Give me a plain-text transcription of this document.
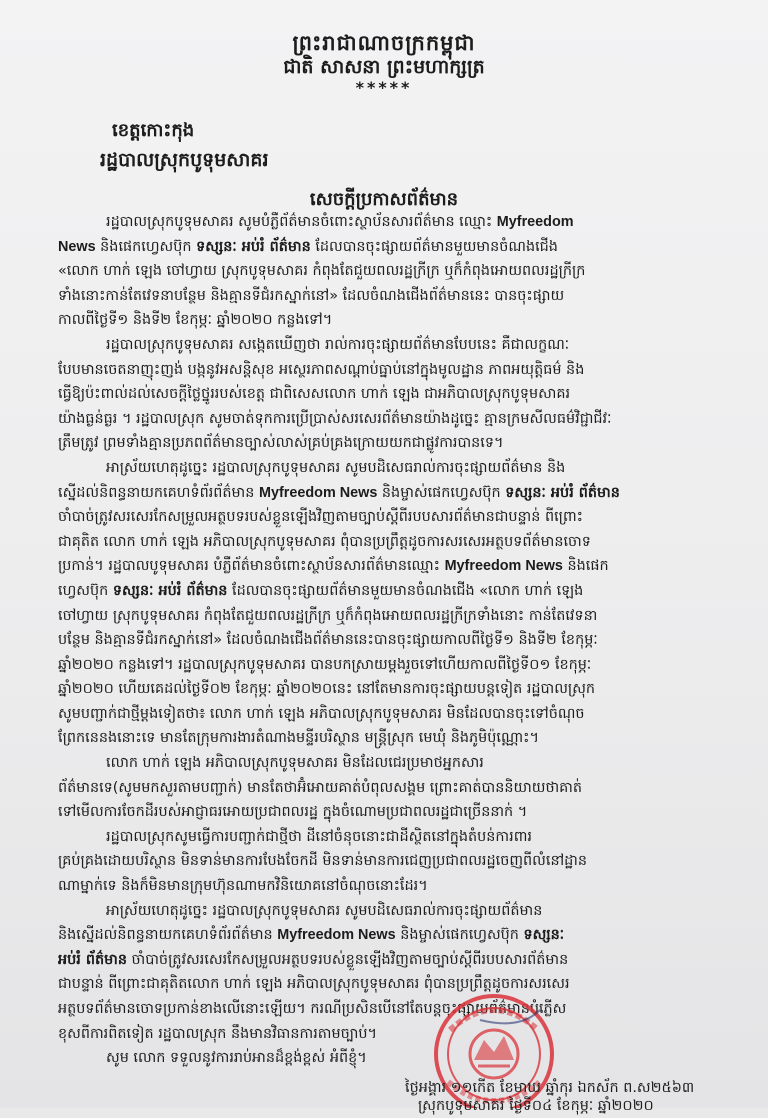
ព្រះរាជាណាចក្រកម្ពុជា
ជាតិ សាសនា ព្រះមហាក្សត្រ
*****
ខេត្តកោះកុង
រដ្ឋបាលស្រុកបូទុមសាគរ
សេចក្តីប្រកាសព័ត៌មាន
រដ្ឋបាលស្រុកបូទុមសាគរ សូមបំភ្លឺព័ត៌មានចំពោះស្ថាប័នសារព័ត៌មាន ឈ្មោះ Myfreedom
News និងផេកហ្វេសប៊ុក ទស្សនៈ អប់រំ ព័ត៌មាន ដែលបានចុះផ្សាយព័ត៌មានមួយមានចំណងជើង
«លោក ហាក់ ឡេង ចៅហ្វាយ ស្រុកបូទុមសាគរ កំពុងតែជួយពលរដ្ឋក្រីក្រ ឬក៏កំពុងអោយពលរដ្ឋក្រីក្រ
ទាំងនោះកាន់តែវេទនាបន្ថែម និងគ្មានទីជំរកស្នាក់នៅ» ដែលចំណងជើងព័ត៌មាននេះ បានចុះផ្សាយ
កាលពីថ្ងៃទី១ និងទី២ ខែកុម្ភៈ ឆ្នាំ២០២០ កន្លងទៅ។
រដ្ឋបាលស្រុកបូទុមសាគរ សង្កេតឃើញថា រាល់ការចុះផ្សាយព័ត៌មានបែបនេះ គឺជាលក្ខណៈ
បែបមានចេតនាញុះញង់ បង្កនូវអសន្តិសុខ អស្ថេរភាពសណ្តាប់ធ្នាប់នៅក្នុងមូលដ្ឋាន ភាពអយុត្តិធម៌ និង
ធ្វើឱ្យប៉ះពាល់ដល់សេចក្តីថ្លៃថ្នូររបស់ខេត្ត ជាពិសេសលោក ហាក់ ឡេង ជាអភិបាលស្រុកបូទុមសាគរ
យ៉ាងធ្ងន់ធ្ងរ ។ រដ្ឋបាលស្រុក សូមចាត់ទុកការប្រើប្រាស់សរសេរព័ត៌មានយ៉ាងដូច្នេះ គ្មានក្រមសីលធម៌វិជ្ជាជីវៈ
ត្រឹមត្រូវ ព្រមទាំងគ្មានប្រភពព័ត៌មានច្បាស់លាស់គ្រប់គ្រងក្រោយយកជាផ្លូវការបានទេ។
អាស្រ័យហេតុដូច្នេះ រដ្ឋបាលស្រុកបូទុមសាគរ សូមបដិសេធរាល់ការចុះផ្សាយព័ត៌មាន និង
ស្នើដល់និពន្ធនាយកគេហទំព័រព័ត៌មាន Myfreedom News និងម្ចាស់ផេកហ្វេសប៊ុក ទស្សនៈ អប់រំ ព័ត៌មាន
ចាំបាច់ត្រូវសរសេរកែសម្រួលអត្ថបទរបស់ខ្លួនឡើងវិញតាមច្បាប់ស្តីពីរបបសារព័ត៌មានជាបន្ទាន់ ពីព្រោះ
ជាគុតិត លោក ហាក់ ឡេង អភិបាលស្រុកបូទុមសាគរ ពុំបានប្រព្រឹត្តដូចការសរសេរអត្ថបទព័ត៌មានចោទ
ប្រកាន់។ រដ្ឋបាលបូទុមសាគរ បំភ្លឺព័ត៌មានចំពោះស្ថាប័នសារព័ត៌មានឈ្មោះ Myfreedom News និងផេក
ហ្វេសប៊ុក ទស្សនៈ អប់រំ ព័ត៌មាន ដែលបានចុះផ្សាយព័ត៌មានមួយមានចំណងជើង «លោក ហាក់ ឡេង
ចៅហ្វាយ ស្រុកបូទុមសាគរ កំពុងតែជួយពលរដ្ឋក្រីក្រ ឬក៏កំពុងអោយពលរដ្ឋក្រីក្រទាំងនោះ កាន់តែវេទនា
បន្ថែម និងគ្មានទីជំរកស្នាក់នៅ» ដែលចំណងជើងព័ត៌មាននេះបានចុះផ្សាយកាលពីថ្ងៃទី១ និងទី២ ខែកុម្ភៈ
ឆ្នាំ២០២០ កន្លងទៅ។ រដ្ឋបាលស្រុកបូទុមសាគរ បានបកស្រាយម្តងរួចទៅហើយកាលពីថ្ងៃទី០១ ខែកុម្ភៈ
ឆ្នាំ២០២០ ហើយគេដល់ថ្ងៃទី០២ ខែកុម្ភៈ ឆ្នាំ២០២០នេះ នៅតែមានការចុះផ្សាយបន្តទៀត រដ្ឋបាលស្រុក
សូមបញ្ជាក់ជាថ្មីម្តងទៀតថា៖ លោក ហាក់ ឡេង អភិបាលស្រុកបូទុមសាគរ មិនដែលបានចុះទៅចំណុច
ព្រែកនេនងនោះទេ មានតែក្រុមការងារតំណាងមន្ទីរបរិស្ថាន មន្ត្រីស្រុក មេឃុំ និងភូមិប៉ុណ្ណោះ។
លោក ហាក់ ឡេង អភិបាលស្រុកបូទុមសាគរ មិនដែលជេរប្រមាថអ្នកសារ
ព័ត៌មានទេ(សូមមកសួរតាមបញ្ជាក់) មានតែថាអ៊ំអោយគាត់បំពុលសង្គម ព្រោះគាត់បាននិយាយថាគាត់
ទៅមើលការចែកដីរបស់អាជ្ញាធរអោយប្រជាពលរដ្ឋ ក្នុងចំណោមប្រជាពលរដ្ឋជាច្រើននាក់ ។
រដ្ឋបាលស្រុកសូមធ្វើការបញ្ជាក់ជាថ្មីថា ដីនៅចំនុចនោះជាដីស្ថិតនៅក្នុងតំបន់ការពារ
គ្រប់គ្រងដោយបរិស្ថាន មិនទាន់មានការបែងចែកដី មិនទាន់មានការជេញប្រជាពលរដ្ឋចេញពីលំនៅដ្ឋាន
ណាម្នាក់ទេ និងក៏មិនមានក្រុមហ៊ុនណាមកវិនិយោគនៅចំណុចនោះដែរ។
អាស្រ័យហេតុដូច្នេះ រដ្ឋបាលស្រុកបូទុមសាគរ សូមបដិសេធរាល់ការចុះផ្សាយព័ត៌មាន
និងស្នើដល់និពន្ធនាយកគេហទំព័រព័ត៌មាន Myfreedom News និងម្ចាស់ផេកហ្វេសប៊ុក ទស្សនៈ
អប់រំ ព័ត៌មាន ចាំបាច់ត្រូវសរសេរកែសម្រួលអត្ថបទរបស់ខ្លួនឡើងវិញតាមច្បាប់ស្តីពីរបបសារព័ត៌មាន
ជាបន្ទាន់ ពីព្រោះជាគុតិតលោក ហាក់ ឡេង អភិបាលស្រុកបូទុមសាគរ ពុំបានប្រព្រឹត្តដូចការសរសេរ
អត្ថបទព័ត៌មានចោទប្រកាន់ខាងលើនោះឡើយ។ ករណីប្រសិនបើនៅតែបន្តចុះផ្សាយព័ត៌មានបំភ្លើស
ខុសពីការពិតទៀត រដ្ឋបាលស្រុក នឹងមានវិធានការតាមច្បាប់។
សូម លោក ទទួលនូវការរាប់អានដ៏ខ្ពង់ខ្ពស់ អំពីខ្ញុំ។
ថ្ងៃអង្គារ ១១កើត ខែមាឃ ឆ្នាំកុរ ឯកស័ក ព.ស២៥៦៣
ស្រុកបូទុមសាគរ ថ្ងៃទី០៤ ខែកុម្ភៈ ឆ្នាំ២០២០
